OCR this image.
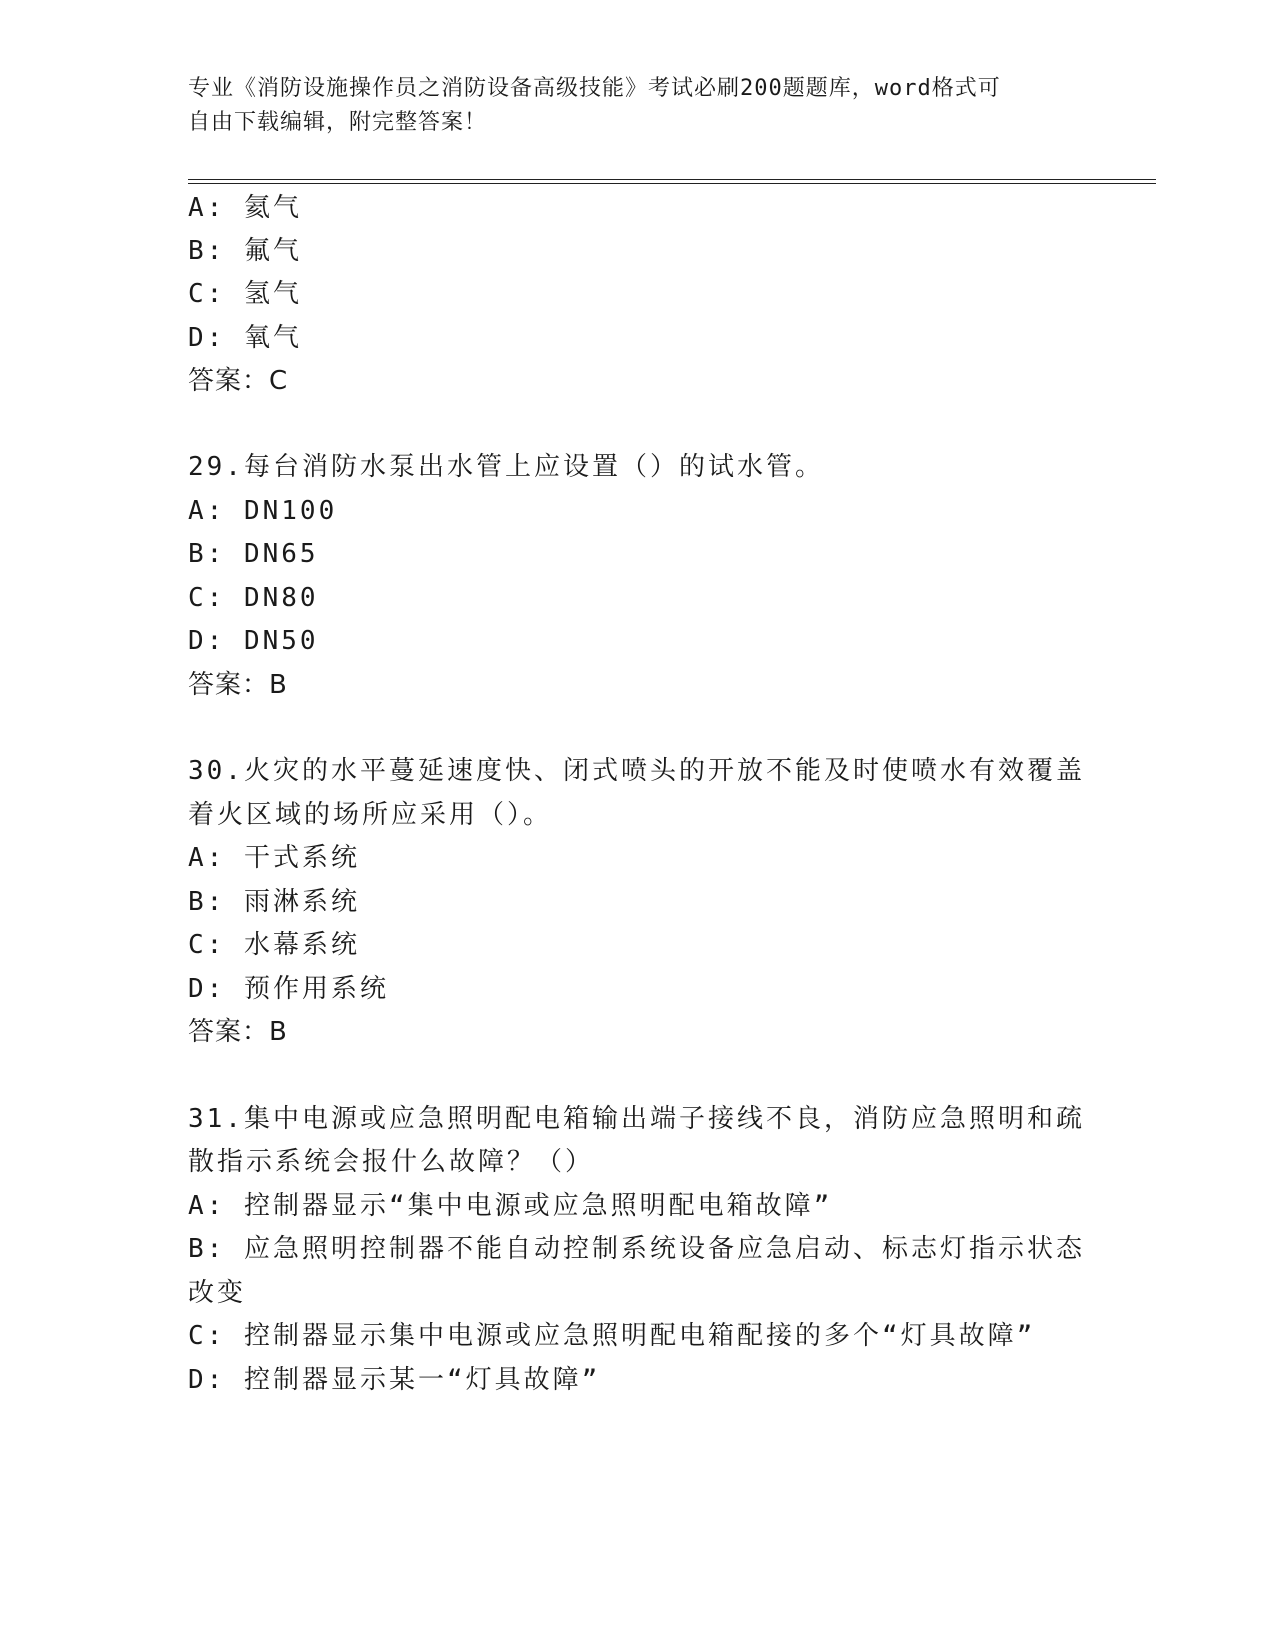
专业《消防设施操作员之消防设备高级技能》考试必刷200题题库，word格式可
自由下载编辑，附完整答案！
A: 氦气
B: 氟气
C: 氢气
D: 氧气
答案：C
29.每台消防水泵出水管上应设置（）的试水管。
A: DN100
B: DN65
C: DN80
D: DN50
答案：B
30.火灾的水平蔓延速度快、闭式喷头的开放不能及时使喷水有效覆盖
着火区域的场所应采用（）。
A: 干式系统
B: 雨淋系统
C: 水幕系统
D: 预作用系统
答案：B
31.集中电源或应急照明配电箱输出端子接线不良，消防应急照明和疏
散指示系统会报什么故障？（）
A: 控制器显示“集中电源或应急照明配电箱故障”
B: 应急照明控制器不能自动控制系统设备应急启动、标志灯指示状态
改变
C: 控制器显示集中电源或应急照明配电箱配接的多个“灯具故障”
D: 控制器显示某一“灯具故障”
